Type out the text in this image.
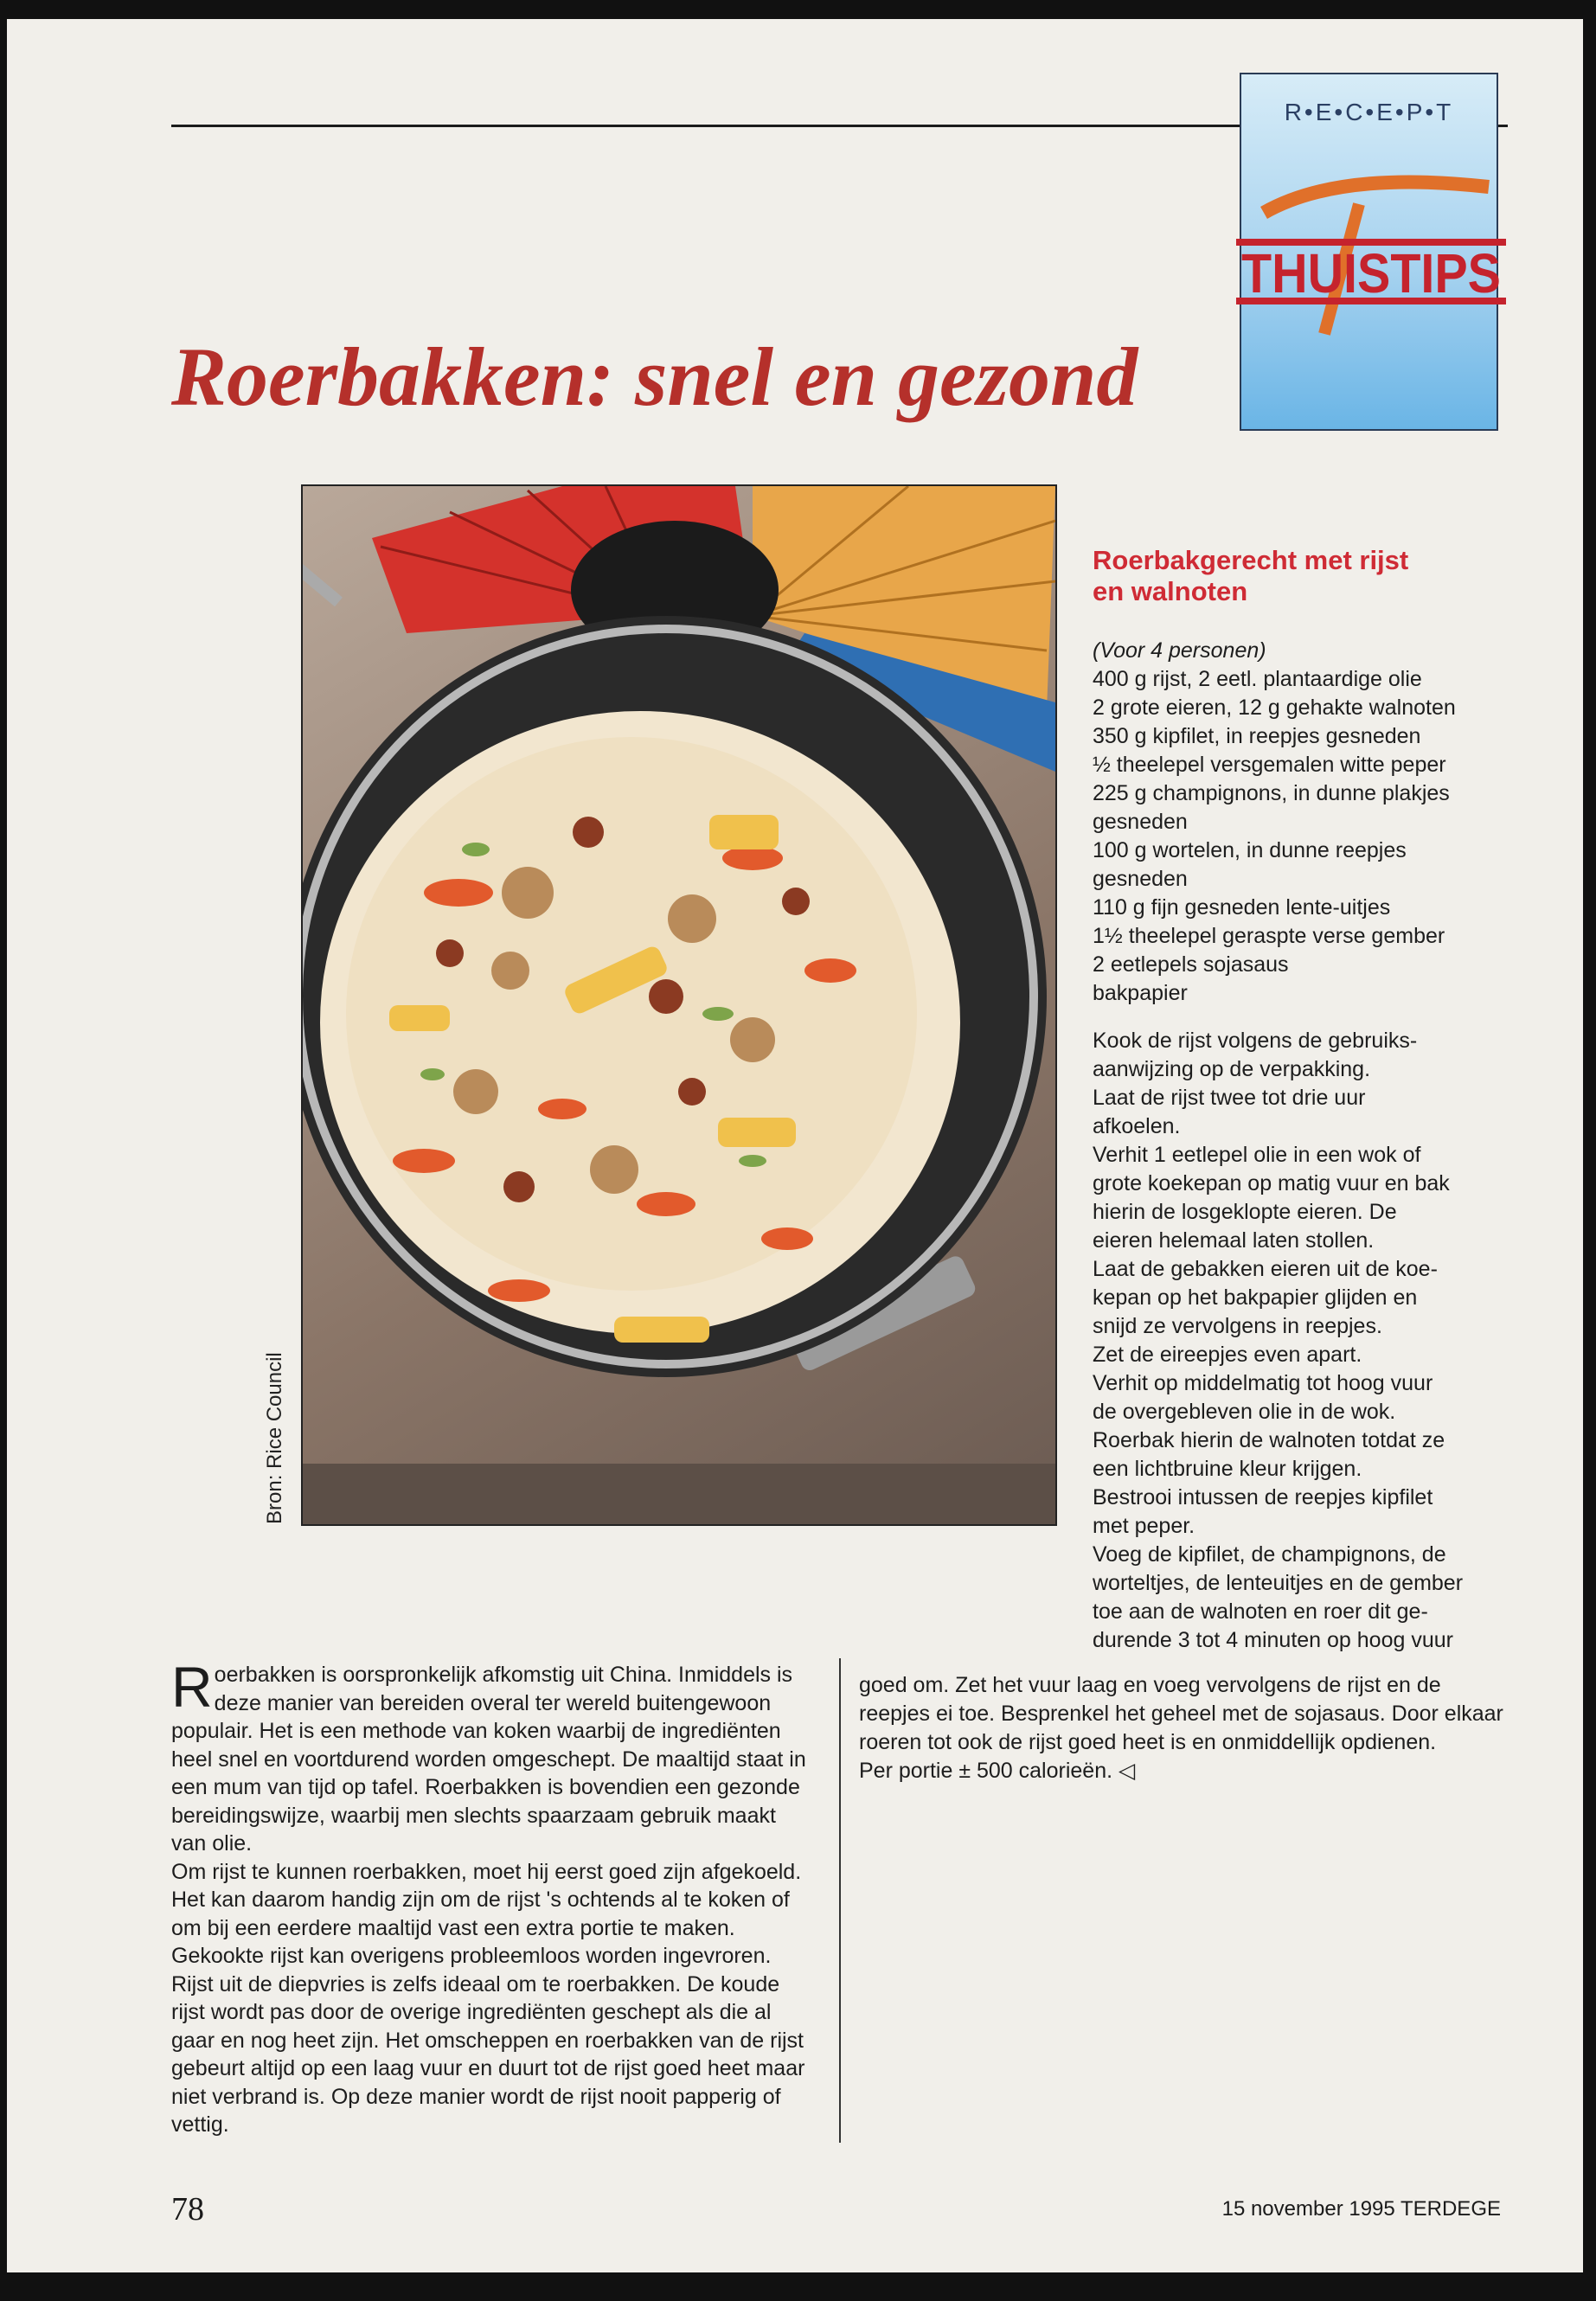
R•E•C•E•P•T
THUISTIPS
Roerbakken: snel en gezond
Bron: Rice Council
Roerbakgerecht met rijst
en walnoten
(Voor 4 personen)
400 g rijst, 2 eetl. plantaardige olie
2 grote eieren, 12 g gehakte walnoten
350 g kipfilet, in reepjes gesneden
½ theelepel versgemalen witte peper
225 g champignons, in dunne plakjes
gesneden
100 g wortelen, in dunne reepjes
gesneden
110 g fijn gesneden lente-uitjes
1½ theelepel geraspte verse gember
2 eetlepels sojasaus
bakpapier
Kook de rijst volgens de gebruiks-
aanwijzing op de verpakking.
Laat de rijst twee tot drie uur
afkoelen.
Verhit 1 eetlepel olie in een wok of
grote koekepan op matig vuur en bak
hierin de losgeklopte eieren. De
eieren helemaal laten stollen.
Laat de gebakken eieren uit de koe-
kepan op het bakpapier glijden en
snijd ze vervolgens in reepjes.
Zet de eireepjes even apart.
Verhit op middelmatig tot hoog vuur
de overgebleven olie in de wok.
Roerbak hierin de walnoten totdat ze
een lichtbruine kleur krijgen.
Bestrooi intussen de reepjes kipfilet
met peper.
Voeg de kipfilet, de champignons, de
worteltjes, de lenteuitjes en de gember
toe aan de walnoten en roer dit ge-
durende 3 tot 4 minuten op hoog vuur

Roerbakken is oorspronkelijk afkomstig uit China. Inmiddels is deze manier van bereiden overal ter wereld buitengewoon populair. Het is een methode van koken waarbij de ingrediënten heel snel en voortdurend worden omgeschept. De maaltijd staat in een mum van tijd op tafel. Roerbakken is bovendien een gezonde bereidingswijze, waarbij men slechts spaarzaam gebruik maakt van olie.

Om rijst te kunnen roerbakken, moet hij eerst goed zijn afgekoeld. Het kan daarom handig zijn om de rijst 's ochtends al te koken of om bij een eerdere maaltijd vast een extra portie te maken. Gekookte rijst kan overigens probleemloos worden ingevroren. Rijst uit de diepvries is zelfs ideaal om te roerbakken. De koude rijst wordt pas door de overige ingrediënten geschept als die al gaar en nog heet zijn. Het omscheppen en roerbakken van de rijst gebeurt altijd op een laag vuur en duurt tot de rijst goed heet maar niet verbrand is. Op deze manier wordt de rijst nooit papperig of vettig.

goed om. Zet het vuur laag en voeg vervolgens de rijst en de reepjes ei toe. Besprenkel het geheel met de sojasaus. Door elkaar roeren tot ook de rijst goed heet is en onmiddellijk opdienen.

Per portie ± 500 calorieën. ◁

78	15 november 1995 TERDEGE
